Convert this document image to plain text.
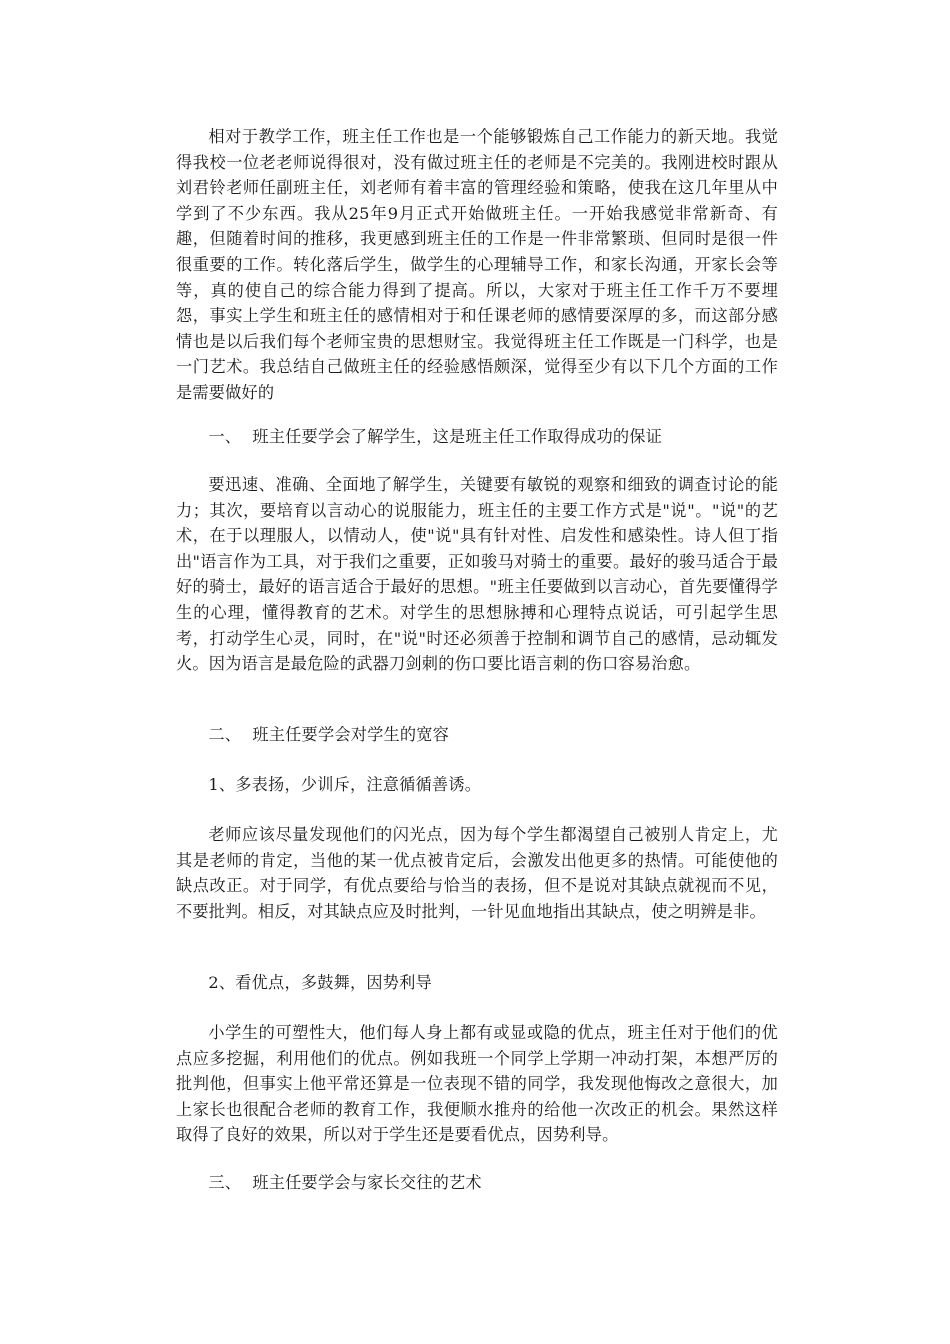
相对于教学工作，班主任工作也是一个能够锻炼自己工作能力的新天地。我觉得我校一位老老师说得很对，没有做过班主任的老师是不完美的。我刚进校时跟从刘君铃老师任副班主任，刘老师有着丰富的管理经验和策略，使我在这几年里从中学到了不少东西。我从25年9月正式开始做班主任。一开始我感觉非常新奇、有趣，但随着时间的推移，我更感到班主任的工作是一件非常繁琐、但同时是很一件很重要的工作。转化落后学生，做学生的心理辅导工作，和家长沟通，开家长会等等，真的使自己的综合能力得到了提高。所以，大家对于班主任工作千万不要埋怨，事实上学生和班主任的感情相对于和任课老师的感情要深厚的多，而这部分感情也是以后我们每个老师宝贵的思想财宝。我觉得班主任工作既是一门科学，也是一门艺术。我总结自己做班主任的经验感悟颇深，觉得至少有以下几个方面的工作是需要做好的

一、 班主任要学会了解学生，这是班主任工作取得成功的保证

要迅速、准确、全面地了解学生，关键要有敏锐的观察和细致的调查讨论的能力；其次，要培育以言动心的说服能力，班主任的主要工作方式是"说"。"说"的艺术，在于以理服人，以情动人，使"说"具有针对性、启发性和感染性。诗人但丁指出"语言作为工具，对于我们之重要，正如骏马对骑士的重要。最好的骏马适合于最好的骑士，最好的语言适合于最好的思想。"班主任要做到以言动心，首先要懂得学生的心理，懂得教育的艺术。对学生的思想脉搏和心理特点说话，可引起学生思考，打动学生心灵，同时，在"说"时还必须善于控制和调节自己的感情，忌动辄发火。因为语言是最危险的武器刀剑刺的伤口要比语言刺的伤口容易治愈。

二、 班主任要学会对学生的宽容

1、多表扬，少训斥，注意循循善诱。

老师应该尽量发现他们的闪光点，因为每个学生都渴望自己被别人肯定上，尤其是老师的肯定，当他的某一优点被肯定后，会激发出他更多的热情。可能使他的缺点改正。对于同学，有优点要给与恰当的表扬，但不是说对其缺点就视而不见，不要批判。相反，对其缺点应及时批判，一针见血地指出其缺点，使之明辨是非。

2、看优点，多鼓舞，因势利导

小学生的可塑性大，他们每人身上都有或显或隐的优点，班主任对于他们的优点应多挖掘，利用他们的优点。例如我班一个同学上学期一冲动打架，本想严厉的批判他，但事实上他平常还算是一位表现不错的同学，我发现他悔改之意很大，加上家长也很配合老师的教育工作，我便顺水推舟的给他一次改正的机会。果然这样取得了良好的效果，所以对于学生还是要看优点，因势利导。

三、 班主任要学会与家长交往的艺术
